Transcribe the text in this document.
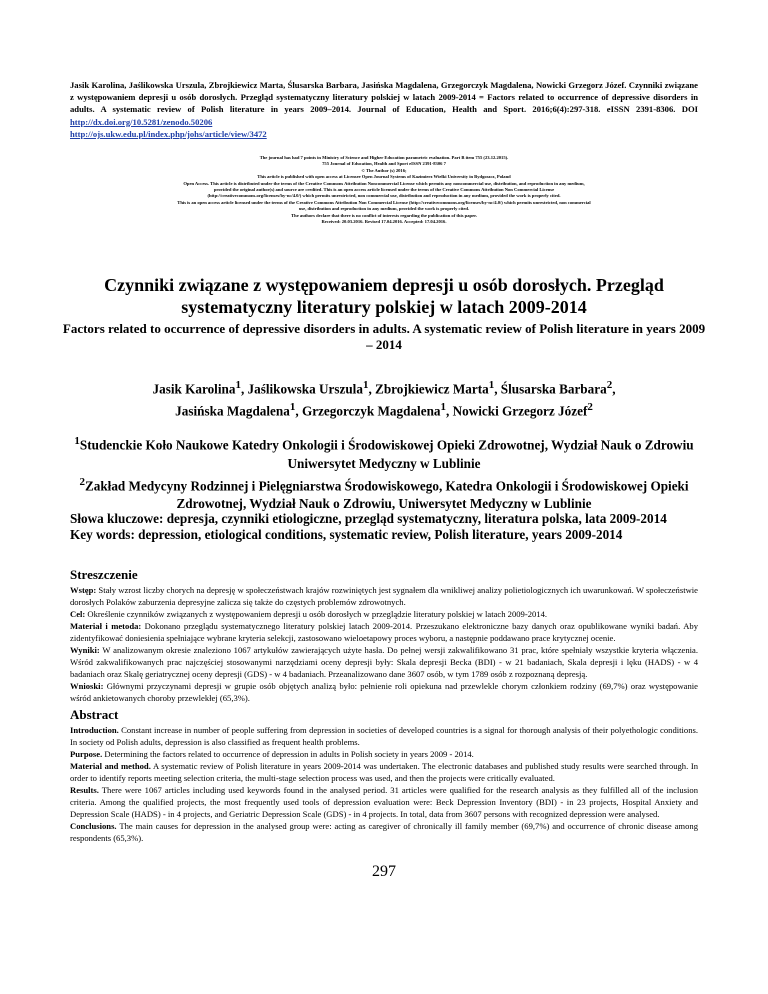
Jasik Karolina, Jaślikowska Urszula, Zbrojkiewicz Marta, Ślusarska Barbara, Jasińska Magdalena, Grzegorczyk Magdalena, Nowicki Grzegorz Józef. Czynniki związane z występowaniem depresji u osób dorosłych. Przegląd systematyczny literatury polskiej w latach 2009-2014 = Factors related to occurrence of depressive disorders in adults. A systematic review of Polish literature in years 2009–2014. Journal of Education, Health and Sport. 2016;6(4):297-318. eISSN 2391-8306. DOI http://dx.doi.org/10.5281/zenodo.50206
http://ojs.ukw.edu.pl/index.php/johs/article/view/3472
The journal has had 7 points in Ministry of Science and Higher Education parametric evaluation. Part B item 755 (23.12.2015).
755 Journal of Education, Health and Sport eISSN 2391-8306 7
© The Author (s) 2016;
This article is published with open access at Licensee Open Journal Systems of Kazimierz Wielki University in Bydgoszcz, Poland
Open Access. This article is distributed under the terms of the Creative Commons Attribution Noncommercial License which permits any noncommercial use, distribution, and reproduction in any medium,
provided the original author(s) and source are credited. This is an open access article licensed under the terms of the Creative Commons Attribution Non Commercial License
(http://creativecommons.org/licenses/by-nc/4.0/) which permits unrestricted, non commercial use, distribution and reproduction in any medium, provided the work is properly cited.
This is an open access article licensed under the terms of the Creative Commons Attribution Non Commercial License (http://creativecommons.org/licenses/by-nc/4.0/) which permits unrestricted, non commercial
use, distribution and reproduction in any medium, provided the work is properly cited.
The authors declare that there is no conflict of interests regarding the publication of this paper.
Received: 20.03.2016. Revised 17.04.2016. Accepted: 17.04.2016.
Czynniki związane z występowaniem depresji u osób dorosłych. Przegląd systematyczny literatury polskiej w latach 2009-2014
Factors related to occurrence of depressive disorders in adults. A systematic review of Polish literature in years 2009 – 2014
Jasik Karolina$^1$, Jaślikowska Urszula$^1$, Zbrojkiewicz Marta$^1$, Ślusarska Barbara$^2$,
Jasińska Magdalena$^1$, Grzegorczyk Magdalena$^1$, Nowicki Grzegorz Józef$^2$
$^1$Studenckie Koło Naukowe Katedry Onkologii i Środowiskowej Opieki Zdrowotnej, Wydział Nauk o Zdrowiu Uniwersytet Medyczny w Lublinie
$^2$Zakład Medycyny Rodzinnej i Pielęgniarstwa Środowiskowego, Katedra Onkologii i Środowiskowej Opieki Zdrowotnej, Wydział Nauk o Zdrowiu, Uniwersytet Medyczny w Lublinie
Słowa kluczowe: depresja, czynniki etiologiczne, przegląd systematyczny, literatura polska, lata 2009-2014
Key words: depression, etiological conditions, systematic review, Polish literature, years 2009-2014
Streszczenie

Wstęp: Stały wzrost liczby chorych na depresję w społeczeństwach krajów rozwiniętych jest sygnałem dla wnikliwej analizy polietiologicznych ich uwarunkowań. W społeczeństwie dorosłych Polaków zaburzenia depresyjne zalicza się także do częstych problemów zdrowotnych.

Cel: Określenie czynników związanych z występowaniem depresji u osób dorosłych w przeglądzie literatury polskiej w latach 2009-2014.

Materiał i metoda: Dokonano przeglądu systematycznego literatury polskiej latach 2009-2014. Przeszukano elektroniczne bazy danych oraz opublikowane wyniki badań. Aby zidentyfikować doniesienia spełniające wybrane kryteria selekcji, zastosowano wieloetapowy proces wyboru, a następnie poddawano prace krytycznej ocenie.

Wyniki: W analizowanym okresie znaleziono 1067 artykułów zawierających użyte hasła. Do pełnej wersji zakwalifikowano 31 prac, które spełniały wszystkie kryteria włączenia. Wśród zakwalifikowanych prac najczęściej stosowanymi narzędziami oceny depresji były: Skala depresji Becka (BDI) - w 21 badaniach, Skala depresji i lęku (HADS) - w 4 badaniach oraz Skalę geriatrycznej oceny depresji (GDS) - w 4 badaniach. Przeanalizowano dane 3607 osób, w tym 1789 osób z rozpoznaną depresją.

Wnioski: Głównymi przyczynami depresji w grupie osób objętych analizą było: pełnienie roli opiekuna nad przewlekle chorym członkiem rodziny (69,7%) oraz występowanie wśród ankietowanych choroby przewlekłej (65,3%).

Abstract

Introduction. Constant increase in number of people suffering from depression in societies of developed countries is a signal for thorough analysis of their polyethologic conditions. In society od Polish adults, depression is also classified as frequent health problems.

Purpose. Determining the factors related to occurrence of depression in adults in Polish society in years 2009 - 2014.

Material and method. A systematic review of Polish literature in years 2009-2014 was undertaken. The electronic databases and published study results were searched through. In order to identify reports meeting selection criteria, the multi-stage selection process was used, and then the projects were critically evaluated.

Results. There were 1067 articles including used keywords found in the analysed period. 31 articles were qualified for the research analysis as they fulfilled all of the inclusion criteria. Among the qualified projects, the most frequently used tools of depression evaluation were: Beck Depression Inventory (BDI) - in 23 projects, Hospital Anxiety and Depression Scale (HADS) - in 4 projects, and Geriatric Depression Scale (GDS) - in 4 projects. In total, data from 3607 persons with recognized depression were analysed.

Conclusions. The main causes for depression in the analysed group were: acting as caregiver of chronically ill family member (69,7%) and occurrence of chronic disease among respondents (65,3%).

297
